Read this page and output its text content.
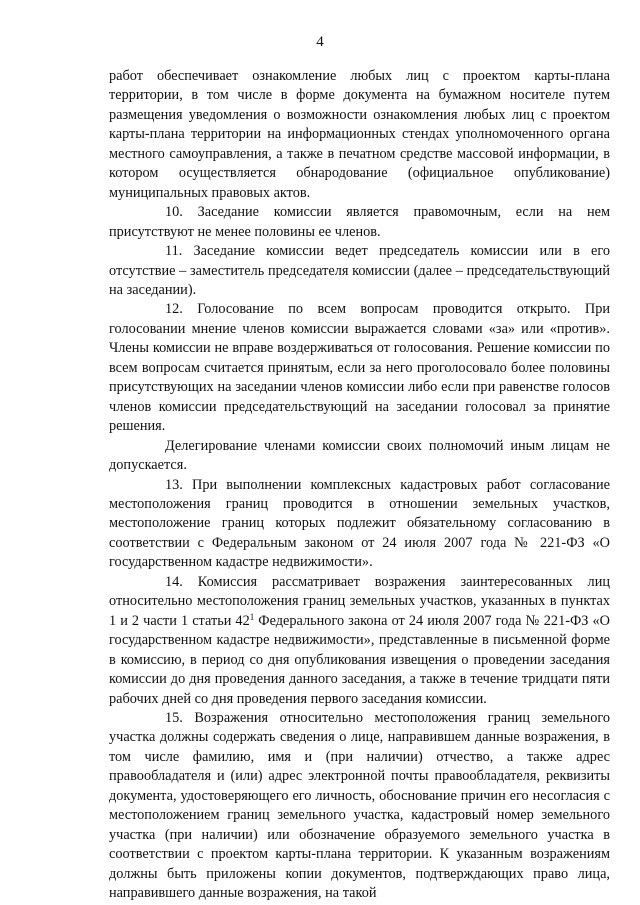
4

работ обеспечивает ознакомление любых лиц с проектом карты-плана территории, в том числе в форме документа на бумажном носителе путем размещения уведомления о возможности ознакомления любых лиц с проектом карты-плана территории на информационных стендах уполномоченного органа местного самоуправления, а также в печатном средстве массовой информации, в котором осуществляется обнародование (официальное опубликование) муниципальных правовых актов.

10. Заседание комиссии является правомочным, если на нем присутствуют не менее половины ее членов.

11. Заседание комиссии ведет председатель комиссии или в его отсутствие – заместитель председателя комиссии (далее – председательствующий на заседании).

12. Голосование по всем вопросам проводится открыто. При голосовании мнение членов комиссии выражается словами «за» или «против». Члены комиссии не вправе воздерживаться от голосования. Решение комиссии по всем вопросам считается принятым, если за него проголосовало более половины присутствующих на заседании членов комиссии либо если при равенстве голосов членов комиссии председательствующий на заседании голосовал за принятие решения.

Делегирование членами комиссии своих полномочий иным лицам не допускается.

13. При выполнении комплексных кадастровых работ согласование местоположения границ проводится в отношении земельных участков, местоположение границ которых подлежит обязательному согласованию в соответствии с Федеральным законом от 24 июля 2007 года № 221-ФЗ «О государственном кадастре недвижимости».

14. Комиссия рассматривает возражения заинтересованных лиц относительно местоположения границ земельных участков, указанных в пунктах 1 и 2 части 1 статьи $42^1$ Федерального закона от 24 июля 2007 года № 221-ФЗ «О государственном кадастре недвижимости», представленные в письменной форме в комиссию, в период со дня опубликования извещения о проведении заседания комиссии до дня проведения данного заседания, а также в течение тридцати пяти рабочих дней со дня проведения первого заседания комиссии.

15. Возражения относительно местоположения границ земельного участка должны содержать сведения о лице, направившем данные возражения, в том числе фамилию, имя и (при наличии) отчество, а также адрес правообладателя и (или) адрес электронной почты правообладателя, реквизиты документа, удостоверяющего его личность, обоснование причин его несогласия с местоположением границ земельного участка, кадастровый номер земельного участка (при наличии) или обозначение образуемого земельного участка в соответствии с проектом карты-плана территории. К указанным возражениям должны быть приложены копии документов, подтверждающих право лица, направившего данные возражения, на такой
